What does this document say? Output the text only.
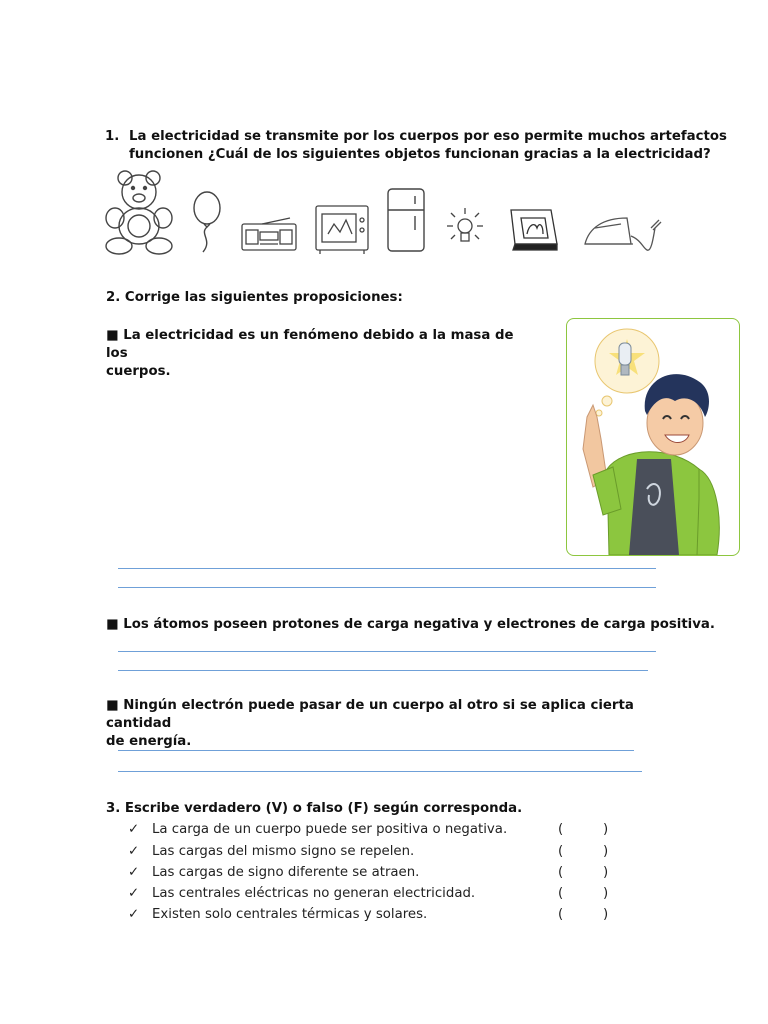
1. La electricidad se transmite por los cuerpos por eso permite muchos artefactos
funcionen ¿Cuál de los siguientes objetos funcionan gracias a la electricidad?
2. Corrige las siguientes proposiciones:
■ La electricidad es un fenómeno debido a la masa de los
cuerpos.
■ Los átomos poseen protones de carga negativa y electrones de carga positiva.
■ Ningún electrón puede pasar de un cuerpo al otro si se aplica cierta cantidad
de energía.
3. Escribe verdadero (V) o falso (F) según corresponda.
✓ La carga de un cuerpo puede ser positiva o negativa.	(	)
✓ Las cargas del mismo signo se repelen.	(	)
✓ Las cargas de signo diferente se atraen.	(	)
✓ Las centrales eléctricas no generan electricidad.	(	)
✓ Existen solo centrales térmicas y solares.	(	)
